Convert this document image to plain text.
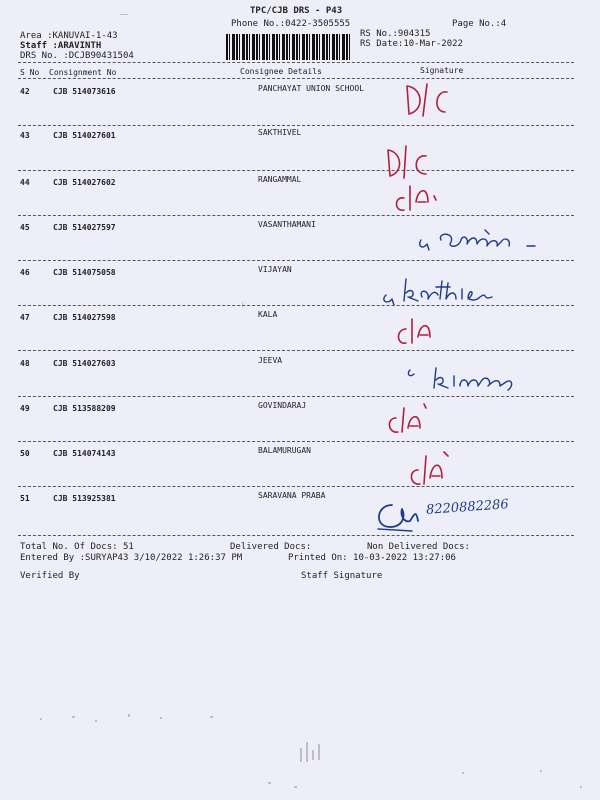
TPC/CJB DRS - P43
Phone No.:0422-3505555	Page No.:4
Area :KANUVAI-1-43
Staff :ARAVINTH
DRS No. :DCJB90431504
RS No.:904315
RS Date:10-Mar-2022
S No Consignment No	Consignee Details	Signature
42	CJB 514073616	PANCHAYAT UNION SCHOOL
43	CJB 514027601	SAKTHIVEL
44	CJB 514027602	RANGAMMAL
45	CJB 514027597	VASANTHAMANI
46	CJB 514075058	VIJAYAN
47	CJB 514027598	KALA
48	CJB 514027603	JEEVA
49	CJB 513588209	GOVINDARAJ
50	CJB 514074143	BALAMURUGAN
51	CJB 513925381	SARAVANA PRABA
8220882286
Total No. Of Docs: 51	Delivered Docs:	Non Delivered Docs:
Entered By :SURYAP43 3/10/2022 1:26:37 PM	Printed On: 10-03-2022 13:27:06
Verified By	Staff Signature
